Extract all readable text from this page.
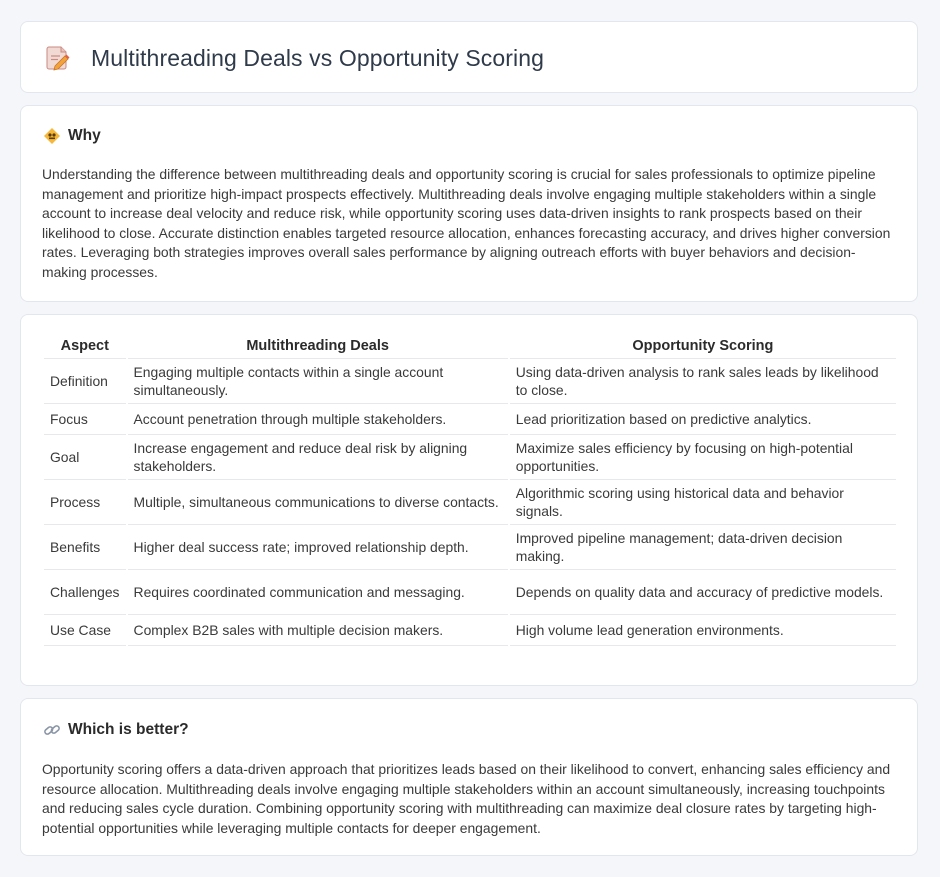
Multithreading Deals vs Opportunity Scoring
Why

Understanding the difference between multithreading deals and opportunity scoring is crucial for sales professionals to optimize pipeline management and prioritize high-impact prospects effectively. Multithreading deals involve engaging multiple stakeholders within a single account to increase deal velocity and reduce risk, while opportunity scoring uses data-driven insights to rank prospects based on their likelihood to close. Accurate distinction enables targeted resource allocation, enhances forecasting accuracy, and drives higher conversion rates. Leveraging both strategies improves overall sales performance by aligning outreach efforts with buyer behaviors and decision-making processes.

Aspect	Multithreading Deals	Opportunity Scoring
Definition	Engaging multiple contacts within a single account simultaneously.	Using data-driven analysis to rank sales leads by likelihood to close.
Focus	Account penetration through multiple stakeholders.	Lead prioritization based on predictive analytics.
Goal	Increase engagement and reduce deal risk by aligning stakeholders.	Maximize sales efficiency by focusing on high-potential opportunities.
Process	Multiple, simultaneous communications to diverse contacts.	Algorithmic scoring using historical data and behavior signals.
Benefits	Higher deal success rate; improved relationship depth.	Improved pipeline management; data-driven decision making.
Challenges	Requires coordinated communication and messaging.	Depends on quality data and accuracy of predictive models.
Use Case	Complex B2B sales with multiple decision makers.	High volume lead generation environments.
Which is better?

Opportunity scoring offers a data-driven approach that prioritizes leads based on their likelihood to convert, enhancing sales efficiency and resource allocation. Multithreading deals involve engaging multiple stakeholders within an account simultaneously, increasing touchpoints and reducing sales cycle duration. Combining opportunity scoring with multithreading can maximize deal closure rates by targeting high-potential opportunities while leveraging multiple contacts for deeper engagement.
